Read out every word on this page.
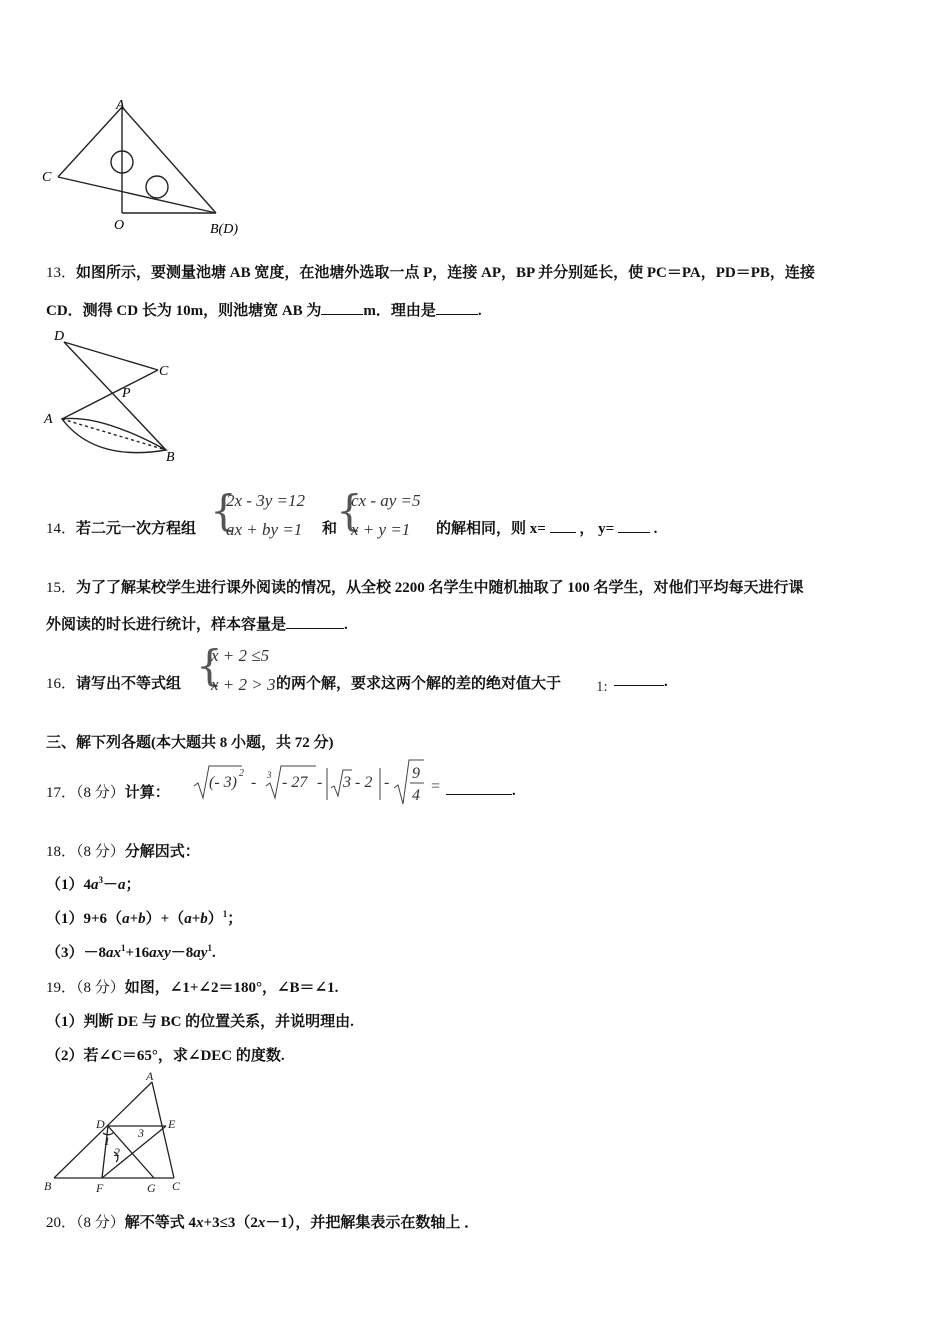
A
C
O	B(D)
13．如图所示，要测量池塘 AB 宽度，在池塘外选取一点 P，连接 AP，BP 并分别延长，使 PC＝PA，PD＝PB，连接
CD．测得 CD 长为 10m，则池塘宽 AB 为	m．理由是	.
D
C
P
A
B
14．若二元一次方程组 {
2x - 3y =12
ax + by =1 和
{
cx - ay =5
x + y =1 的解相同，则 x= ， y=	.
15．为了了解某校学生进行课外阅读的情况，从全校 2200 名学生中随机抽取了 100 名学生，对他们平均每天进行课
外阅读的时长进行统计，样本容量是	.
16．请写出不等式组 {
x + 2 ≤5
x + 2 > 3 的两个解，要求这两个解的差的绝对值大于 1:	.
三、解下列各题(本大题共 8 小题，共 72 分)
17．（8 分）计算：
(- 3)
2
- 3 - 27 - 3 - 2 -
9
4
=	.
18．（8 分）分解因式：
$(1)4a^3-a$；
$(1)9+6(a+b)+(a+b)^1$；
$(3)-8ax^1+16axy-8ay^1$.
19．（8 分）如图，∠1+∠2＝180°，∠B＝∠1.
（1）判断 DE 与 BC 的位置关系，并说明理由.
（2）若∠C＝65°，求∠DEC 的度数.
A
D	E
B	F	G C
1
2
3
20．（8 分）解不等式 4x+3≤3（2x－1），并把解集表示在数轴上 ．
